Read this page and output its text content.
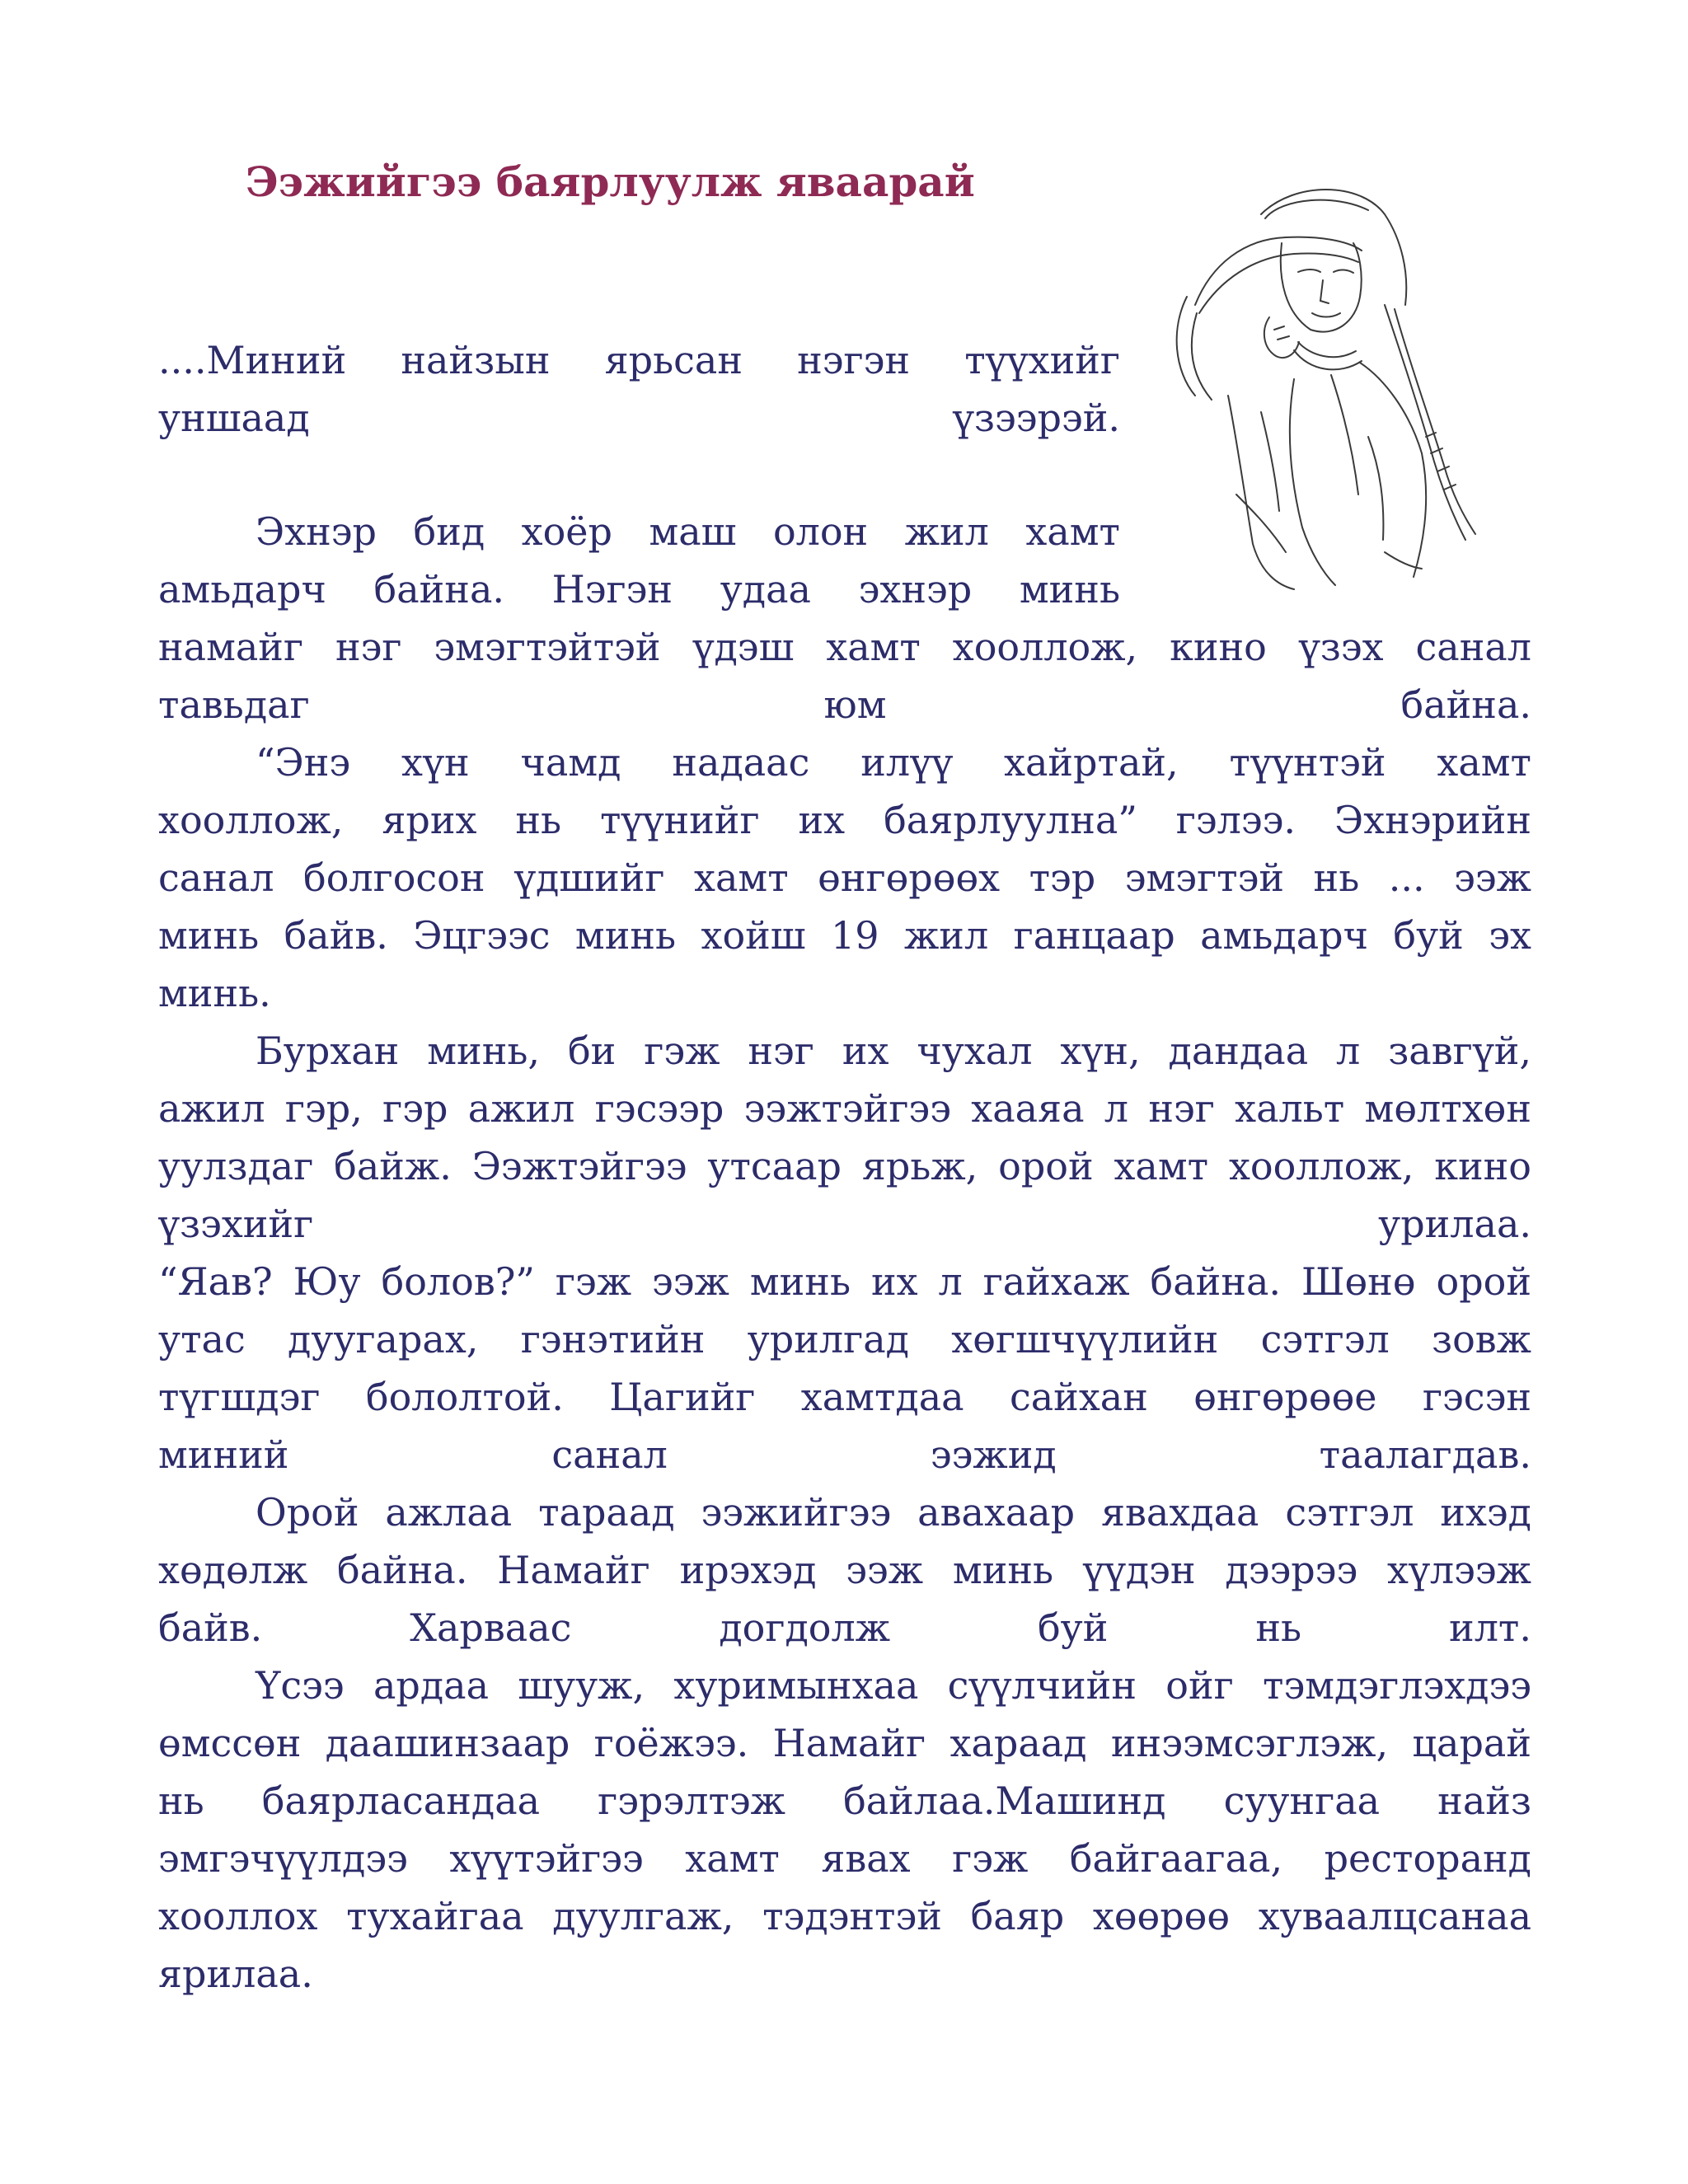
Ээжийгээ баярлуулж яваарай
....Миний найзын ярьсан нэгэн түүхийг
уншаад үзээрэй.
Эхнэр бид хоёр маш олон жил хамт
амьдарч байна. Нэгэн удаа эхнэр минь
намайг нэг эмэгтэйтэй үдэш хамт хооллож, кино үзэх санал
тавьдаг юм байна.
“Энэ хүн чамд надаас илүү хайртай, түүнтэй хамт
хооллож, ярих нь түүнийг их баярлуулна” гэлээ. Эхнэрийн
санал болгосон үдшийг хамт өнгөрөөх тэр эмэгтэй нь ... ээж
минь байв. Эцгээс минь хойш 19 жил ганцаар амьдарч буй эх
минь.
Бурхан минь, би гэж нэг их чухал хүн, дандаа л завгүй,
ажил гэр, гэр ажил гэсээр ээжтэйгээ хааяа л нэг хальт мөлтхөн
уулздаг байж. Ээжтэйгээ утсаар ярьж, орой хамт хооллож, кино
үзэхийг урилаа.
“Яав? Юу болов?” гэж ээж минь их л гайхаж байна. Шөнө орой
утас дуугарах, гэнэтийн урилгад хөгшчүүлийн сэтгэл зовж
түгшдэг бололтой. Цагийг хамтдаа сайхан өнгөрөөе гэсэн
миний санал ээжид таалагдав.
Орой ажлаа тараад ээжийгээ авахаар явахдаа сэтгэл ихэд
хөдөлж байна. Намайг ирэхэд ээж минь үүдэн дээрээ хүлээж
байв. Харваас догдолж буй нь илт.
Үсээ ардаа шууж, хуримынхаа сүүлчийн ойг тэмдэглэхдээ
өмссөн даашинзаар гоёжээ. Намайг хараад инээмсэглэж, царай
нь баярласандаа гэрэлтэж байлаа.Машинд суунгаа найз
эмгэчүүлдээ хүүтэйгээ хамт явах гэж байгаагаа, ресторанд
хооллох тухайгаа дуулгаж, тэдэнтэй баяр хөөрөө хуваалцсанаа
ярилаа.
